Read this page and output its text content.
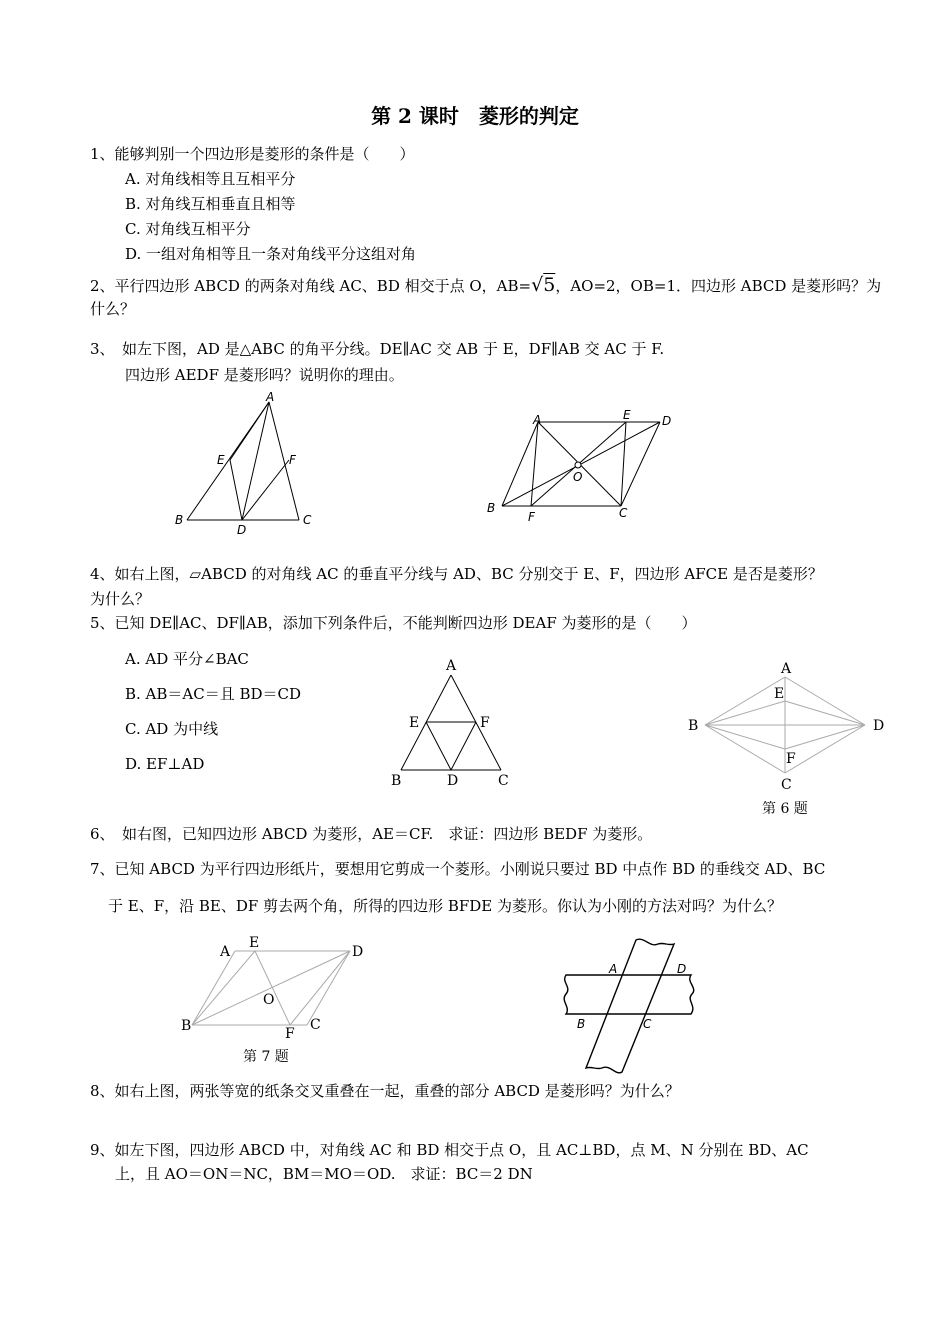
第 2 课时　菱形的判定
1、能够判别一个四边形是菱形的条件是（　　）
A. 对角线相等且互相平分
B. 对角线互相垂直且相等
C. 对角线互相平分
D. 一组对角相等且一条对角线平分这组对角
2、平行四边形 ABCD 的两条对角线 AC、BD 相交于点 O，AB=√5，AO=2，OB=1．四边形 ABCD 是菱形吗？为
什么？
3、　如左下图，AD 是△ABC 的角平分线。DE∥AC 交 AB 于 E，DF∥AB 交 AC 于 F.
四边形 AEDF 是菱形吗？说明你的理由。
A
B	C
D
E	F
A
B	C
D
E
F
O
4、如右上图，▱ABCD 的对角线 AC 的垂直平分线与 AD、BC 分别交于 E、F，四边形 AFCE 是否是菱形？
为什么？
5、已知 DE∥AC、DF∥AB，添加下列条件后，不能判断四边形 DEAF 为菱形的是（　　）
A. AD 平分∠BAC
B. AB＝AC＝且 BD＝CD
C. AD 为中线
D. EF⊥AD
A
B	C
D
E	F
A
B
C
D
E
F
第 6 题
6、　如右图，已知四边形 ABCD 为菱形，AE＝CF.　求证：四边形 BEDF 为菱形。
7、已知 ABCD 为平行四边形纸片，要想用它剪成一个菱形。小刚说只要过 BD 中点作 BD 的垂线交 AD、BC
于 E、F，沿 BE、DF 剪去两个角，所得的四边形 BFDE 为菱形。你认为小刚的方法对吗？为什么？
A
B	C
D
E
F
O
第 7 题
A
B	C
D
8、如右上图，两张等宽的纸条交叉重叠在一起，重叠的部分 ABCD 是菱形吗？为什么？
9、如左下图，四边形 ABCD 中，对角线 AC 和 BD 相交于点 O，且 AC⊥BD，点 M、N 分别在 BD、AC
上，且 AO＝ON＝NC，BM＝MO＝OD.　求证：BC＝2 DN
